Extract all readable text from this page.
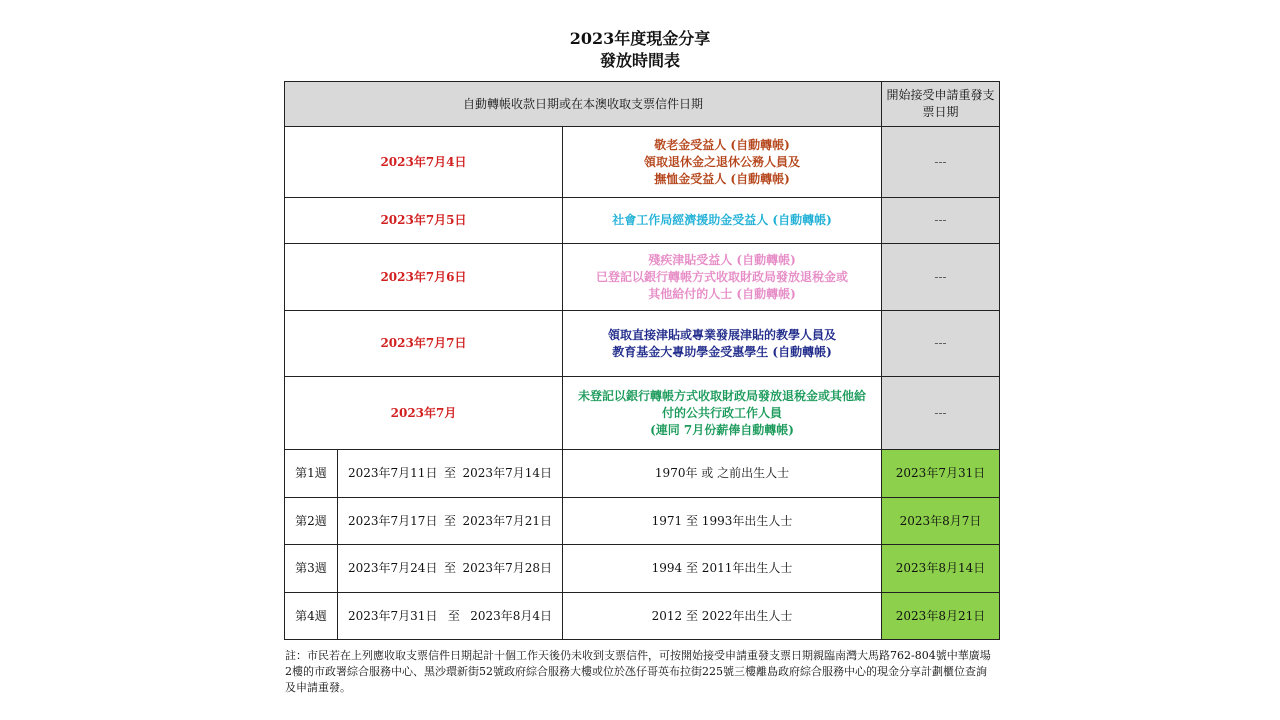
2023年度現金分享
發放時間表
自動轉帳收款日期或在本澳收取支票信件日期			開始接受申請重發支票日期
2023年7月4日		敬老金受益人 (自動轉帳)
領取退休金之退休公務人員及
撫恤金受益人 (自動轉帳)	---
2023年7月5日		社會工作局經濟援助金受益人 (自動轉帳)	---
2023年7月6日		殘疾津貼受益人 (自動轉帳)
已登記以銀行轉帳方式收取財政局發放退稅金或
其他給付的人士 (自動轉帳)	---
2023年7月7日		領取直接津貼或專業發展津貼的教學人員及
教育基金大專助學金受惠學生 (自動轉帳)	---
2023年7月		未登記以銀行轉帳方式收取財政局發放退稅金或其他給
付的公共行政工作人員
(連同 7月份薪俸自動轉帳)	---
第1週	2023年7月11日 至 2023年7月14日	1970年 或 之前出生人士	2023年7月31日
第2週	2023年7月17日 至 2023年7月21日	1971 至 1993年出生人士	2023年8月7日
第3週	2023年7月24日 至 2023年7月28日	1994 至 2011年出生人士	2023年8月14日
第4週	2023年7月31日 至 2023年8月4日	2012 至 2022年出生人士	2023年8月21日
註：市民若在上列應收取支票信件日期起計十個工作天後仍未收到支票信件，可按開始接受申請重發支票日期親臨南灣大馬路762-804號中華廣場2樓的市政署綜合服務中心、黑沙環新街52號政府綜合服務大樓或位於氹仔哥英布拉街225號三樓離島政府綜合服務中心的現金分享計劃櫃位查詢及申請重發。
